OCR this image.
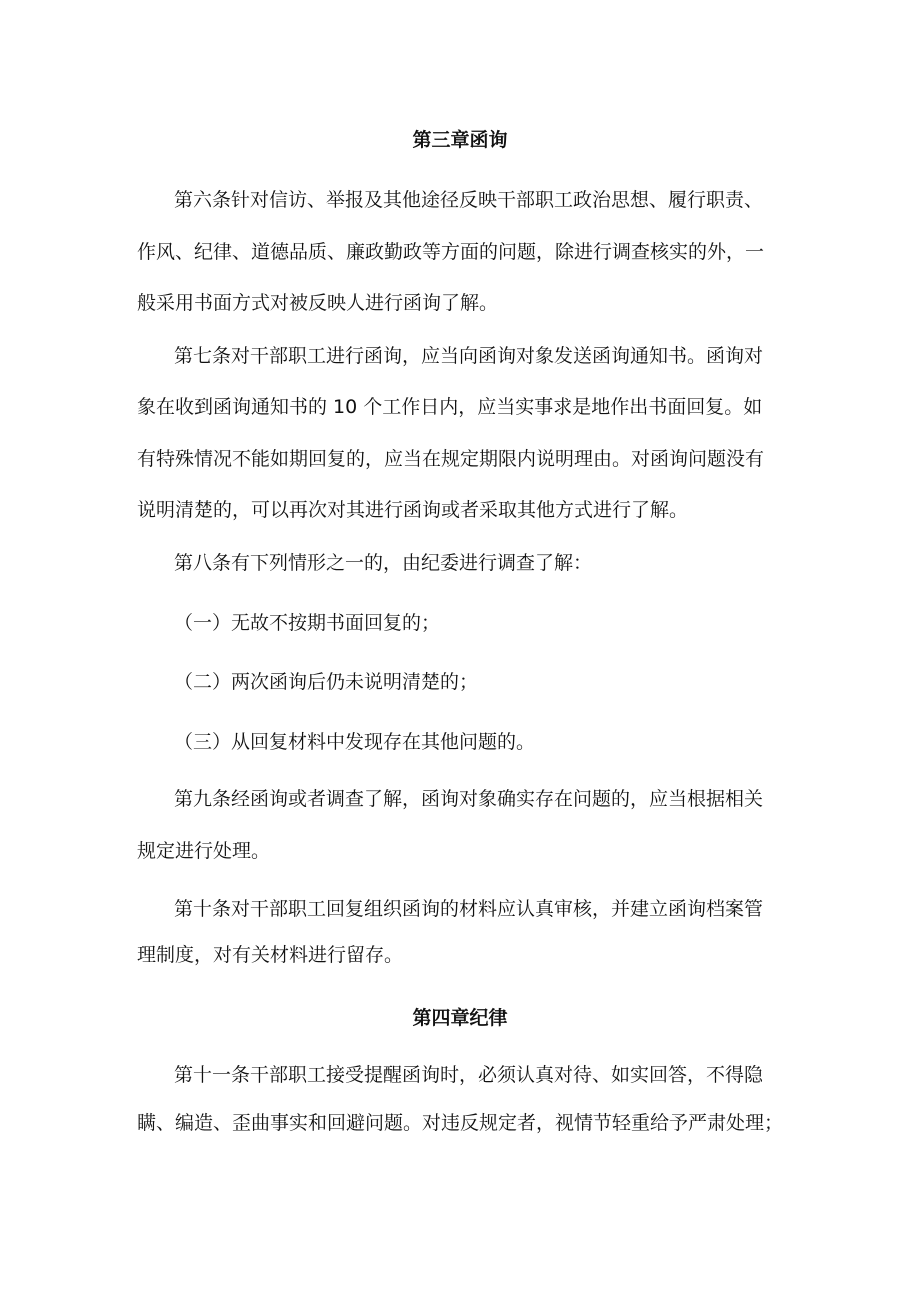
第三章函询
第六条针对信访、举报及其他途径反映干部职工政治思想、履行职责、
作风、纪律、道德品质、廉政勤政等方面的问题，除进行调查核实的外，一
般采用书面方式对被反映人进行函询了解。
第七条对干部职工进行函询，应当向函询对象发送函询通知书。函询对
象在收到函询通知书的 10 个工作日内，应当实事求是地作出书面回复。如
有特殊情况不能如期回复的，应当在规定期限内说明理由。对函询问题没有
说明清楚的，可以再次对其进行函询或者采取其他方式进行了解。
第八条有下列情形之一的，由纪委进行调查了解：
（一）无故不按期书面回复的；
（二）两次函询后仍未说明清楚的；
（三）从回复材料中发现存在其他问题的。
第九条经函询或者调查了解，函询对象确实存在问题的，应当根据相关
规定进行处理。
第十条对干部职工回复组织函询的材料应认真审核，并建立函询档案管
理制度，对有关材料进行留存。
第四章纪律
第十一条干部职工接受提醒函询时，必须认真对待、如实回答，不得隐
瞒、编造、歪曲事实和回避问题。对违反规定者，视情节轻重给予严肃处理；
